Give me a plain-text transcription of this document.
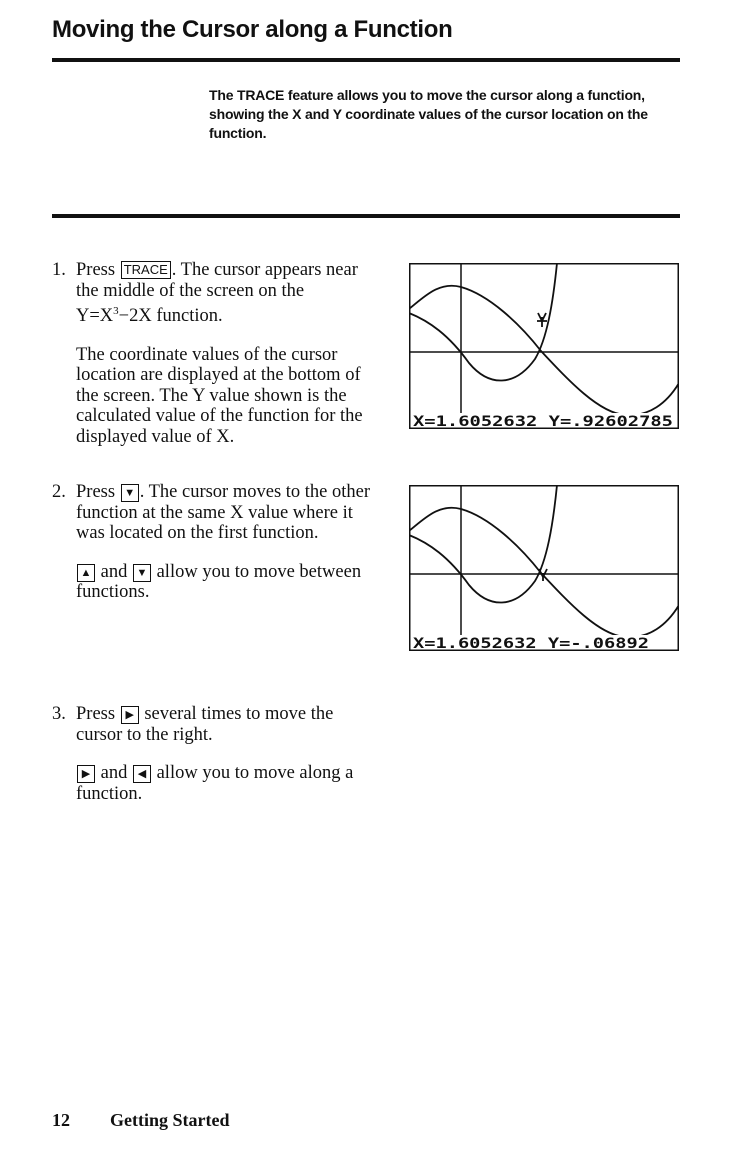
Moving the Cursor along a Function
The TRACE feature allows you to move the cursor along a function, showing the X and Y coordinate values of the cursor location on the function.
1. Press TRACE . The cursor appears near the middle of the screen on the $Y=X^3-2X$ function.

The coordinate values of the cursor location are displayed at the bottom of the screen. The Y value shown is the calculated value of the function for the displayed value of X.

X=1.6052632 Y=.92602785
2. Press ▼ . The cursor moves to the other function at the same X value where it was located on the first function.

▲ and ▼ allow you to move between functions.

X=1.6052632 Y=-.06892
3. Press ▶ several times to move the cursor to the right.

▶ and ◀ allow you to move along a function.

12 Getting Started
